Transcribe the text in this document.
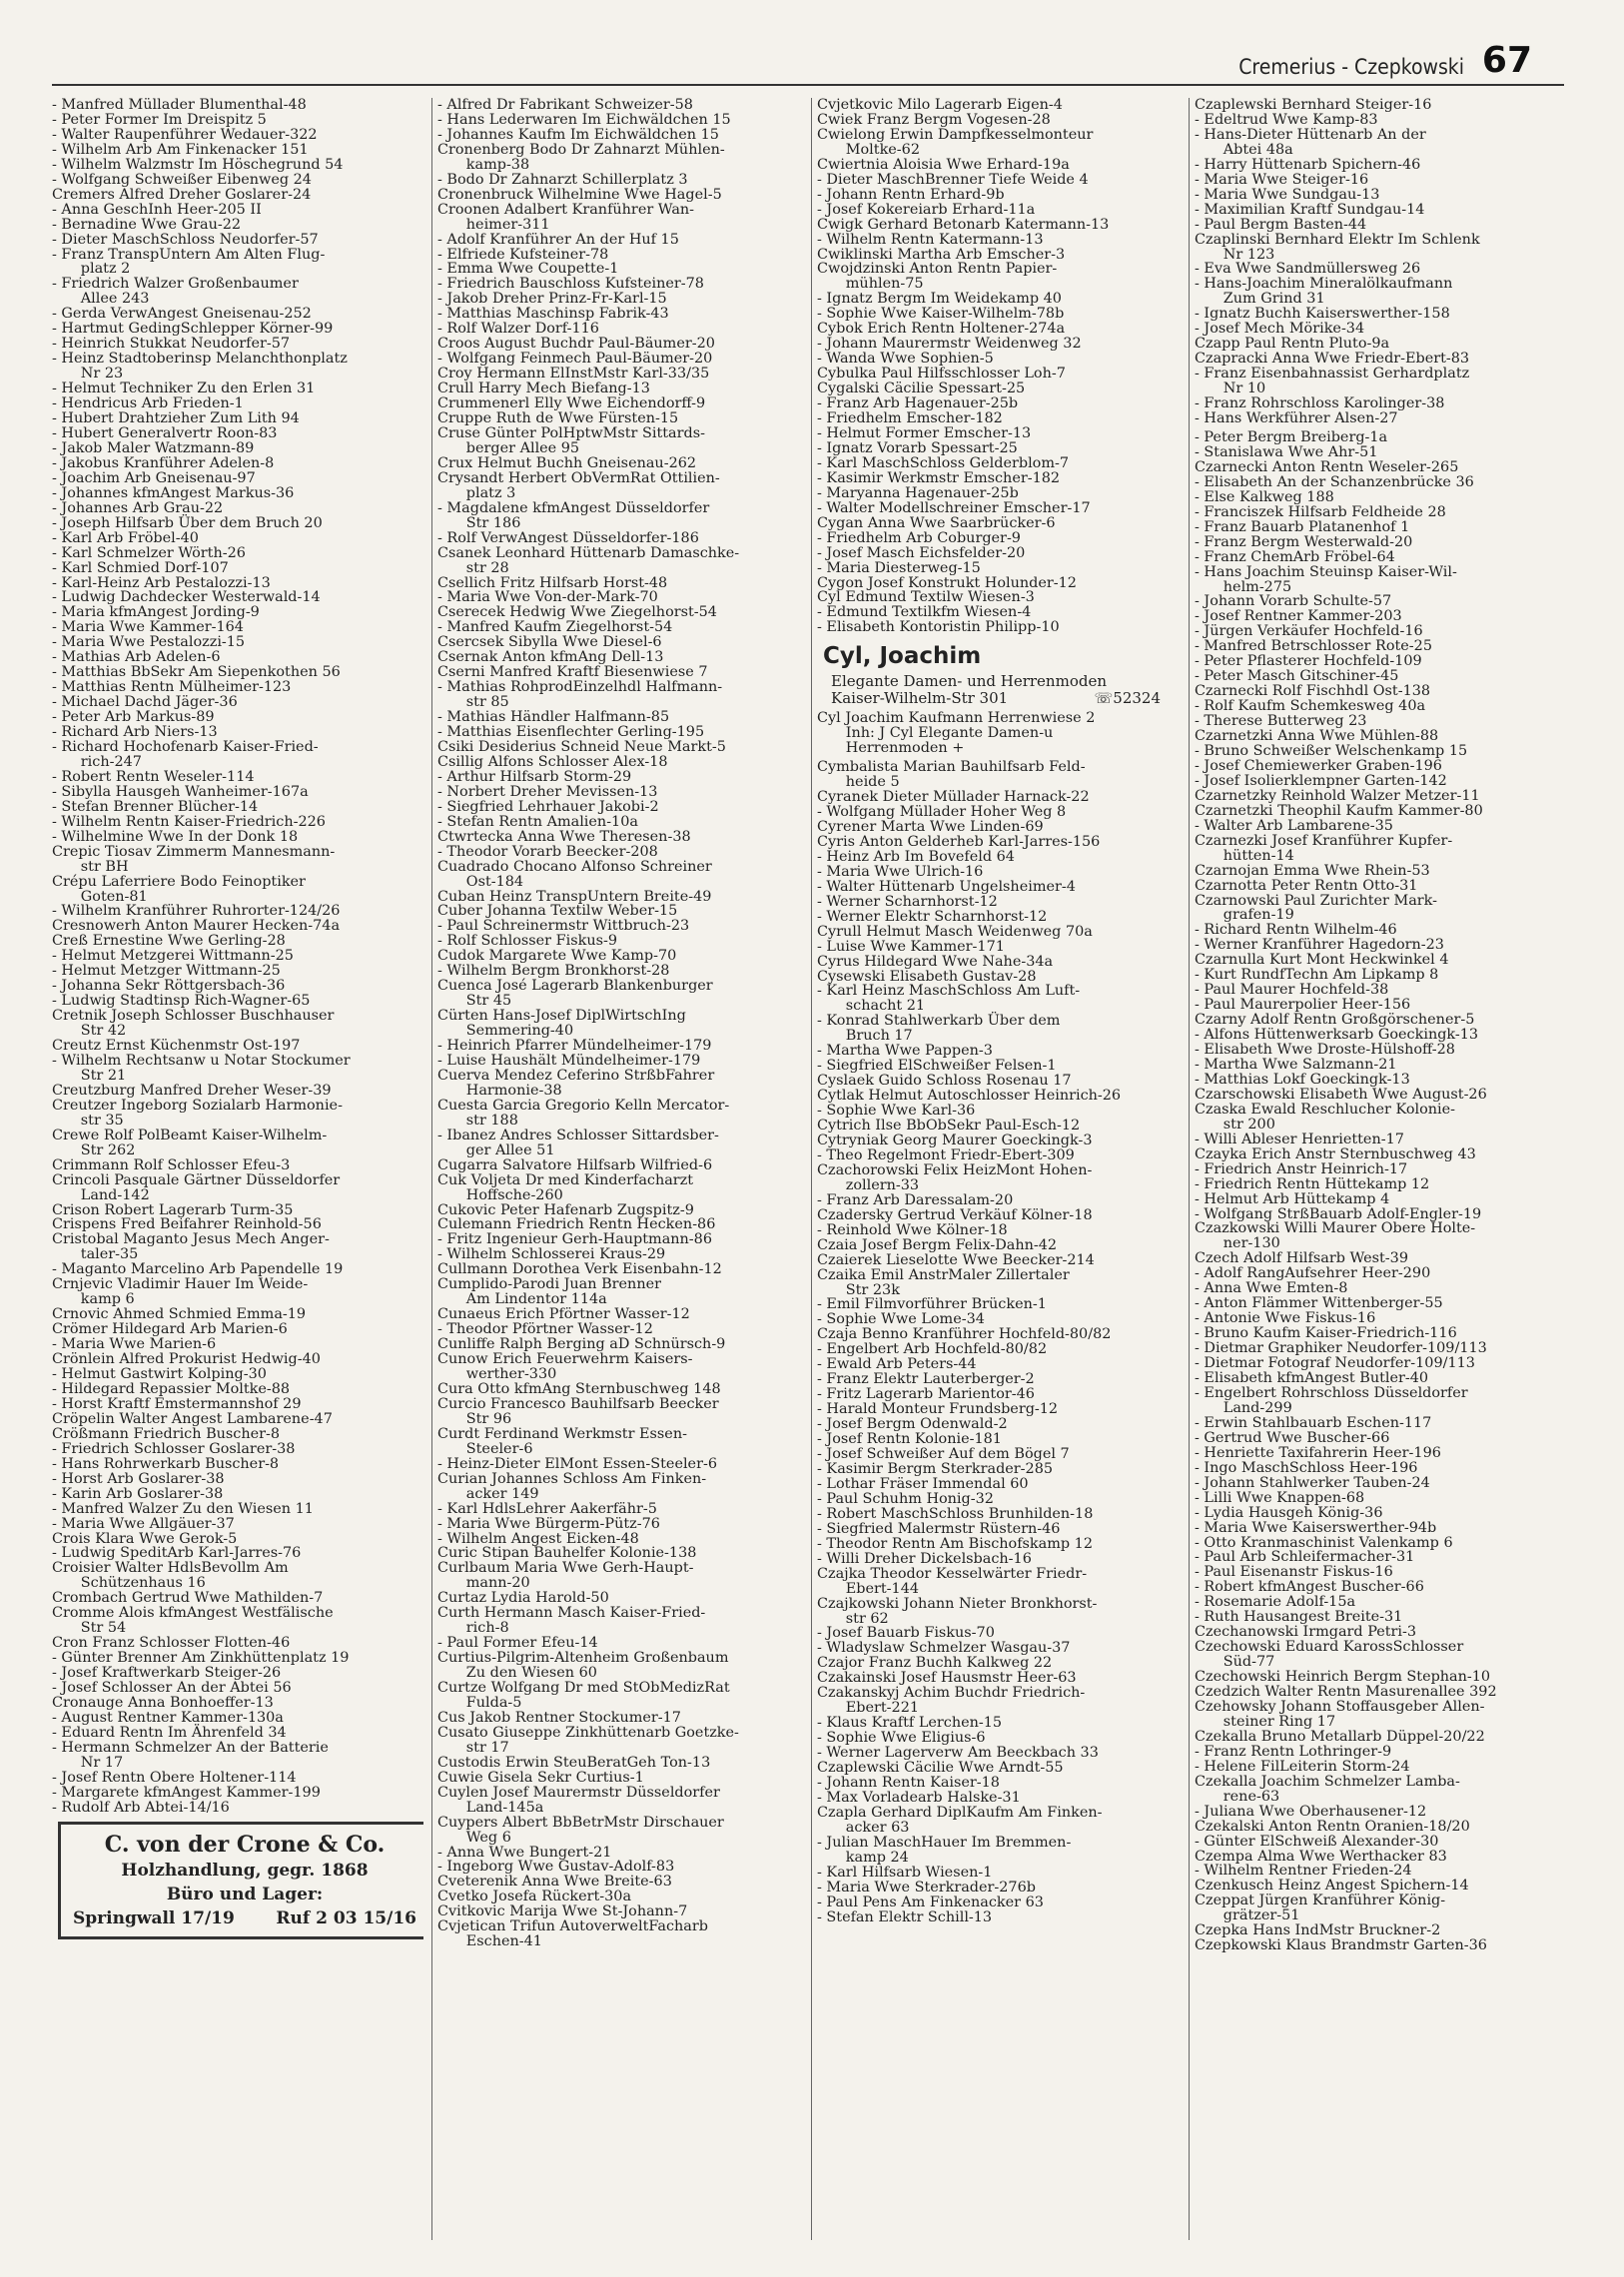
Cremerius - Czepkowski 67
- Manfred Müllader Blumenthal-48
- Peter Former Im Dreispitz 5
- Walter Raupenführer Wedauer-322
- Wilhelm Arb Am Finkenacker 151
- Wilhelm Walzmstr Im Höschegrund 54
- Wolfgang Schweißer Eibenweg 24
Cremers Alfred Dreher Goslarer-24
- Anna GeschInh Heer-205 II
- Bernadine Wwe Grau-22
- Dieter MaschSchloss Neudorfer-57
- Franz TranspUntern Am Alten Flug-
  platz 2
- Friedrich Walzer Großenbaumer
  Allee 243
- Gerda VerwAngest Gneisenau-252
- Hartmut GedingSchlepper Körner-99
- Heinrich Stukkat Neudorfer-57
- Heinz Stadtoberinsp Melanchthonplatz
  Nr 23
- Helmut Techniker Zu den Erlen 31
- Hendricus Arb Frieden-1
- Hubert Drahtzieher Zum Lith 94
- Hubert Generalvertr Roon-83
- Jakob Maler Watzmann-89
- Jakobus Kranführer Adelen-8
- Joachim Arb Gneisenau-97
- Johannes kfmAngest Markus-36
- Johannes Arb Grau-22
- Joseph Hilfsarb Über dem Bruch 20
- Karl Arb Fröbel-40
- Karl Schmelzer Wörth-26
- Karl Schmied Dorf-107
- Karl-Heinz Arb Pestalozzi-13
- Ludwig Dachdecker Westerwald-14
- Maria kfmAngest Jording-9
- Maria Wwe Kammer-164
- Maria Wwe Pestalozzi-15
- Mathias Arb Adelen-6
- Matthias BbSekr Am Siepenkothen 56
- Matthias Rentn Mülheimer-123
- Michael Dachd Jäger-36
- Peter Arb Markus-89
- Richard Arb Niers-13
- Richard Hochofenarb Kaiser-Fried-
  rich-247
- Robert Rentn Weseler-114
- Sibylla Hausgeh Wanheimer-167a
- Stefan Brenner Blücher-14
- Wilhelm Rentn Kaiser-Friedrich-226
- Wilhelmine Wwe In der Donk 18
Crepic Tiosav Zimmerm Mannesmann-
  str BH
Crépu Laferriere Bodo Feinoptiker
  Goten-81
- Wilhelm Kranführer Ruhrorter-124/26
Cresnowerh Anton Maurer Hecken-74a
Creß Ernestine Wwe Gerling-28
- Helmut Metzgerei Wittmann-25
- Helmut Metzger Wittmann-25
- Johanna Sekr Röttgersbach-36
- Ludwig Stadtinsp Rich-Wagner-65
Cretnik Joseph Schlosser Buschhauser
  Str 42
Creutz Ernst Küchenmstr Ost-197
- Wilhelm Rechtsanw u Notar Stockumer
  Str 21
Creutzburg Manfred Dreher Weser-39
Creutzer Ingeborg Sozialarb Harmonie-
  str 35
Crewe Rolf PolBeamt Kaiser-Wilhelm-
  Str 262
Crimmann Rolf Schlosser Efeu-3
Crincoli Pasquale Gärtner Düsseldorfer
  Land-142
Crison Robert Lagerarb Turm-35
Crispens Fred Beifahrer Reinhold-56
Cristobal Maganto Jesus Mech Anger-
  taler-35
- Maganto Marcelino Arb Papendelle 19
Crnjevic Vladimir Hauer Im Weide-
  kamp 6
Crnovic Ahmed Schmied Emma-19
Crömer Hildegard Arb Marien-6
- Maria Wwe Marien-6
Crönlein Alfred Prokurist Hedwig-40
- Helmut Gastwirt Kolping-30
- Hildegard Repassier Moltke-88
- Horst Kraftf Emstermannshof 29
Cröpelin Walter Angest Lambarene-47
Crößmann Friedrich Buscher-8
- Friedrich Schlosser Goslarer-38
- Hans Rohrwerkarb Buscher-8
- Horst Arb Goslarer-38
- Karin Arb Goslarer-38
- Manfred Walzer Zu den Wiesen 11
- Maria Wwe Allgäuer-37
Crois Klara Wwe Gerok-5
- Ludwig SpeditArb Karl-Jarres-76
Croisier Walter HdlsBevollm Am
  Schützenhaus 16
Crombach Gertrud Wwe Mathilden-7
Cromme Alois kfmAngest Westfälische
  Str 54
Cron Franz Schlosser Flotten-46
- Günter Brenner Am Zinkhüttenplatz 19
- Josef Kraftwerkarb Steiger-26
- Josef Schlosser An der Abtei 56
Cronauge Anna Bonhoeffer-13
- August Rentner Kammer-130a
- Eduard Rentn Im Ährenfeld 34
- Hermann Schmelzer An der Batterie
  Nr 17
- Josef Rentn Obere Holtener-114
- Margarete kfmAngest Kammer-199
- Rudolf Arb Abtei-14/16
C. von der Crone & Co.
Holzhandlung, gegr. 1868
Büro und Lager:
Springwall 17/19 Ruf 2 03 15/16
- Alfred Dr Fabrikant Schweizer-58
- Hans Lederwaren Im Eichwäldchen 15
- Johannes Kaufm Im Eichwäldchen 15
Cronenberg Bodo Dr Zahnarzt Mühlen-
  kamp-38
- Bodo Dr Zahnarzt Schillerplatz 3
Cronenbruck Wilhelmine Wwe Hagel-5
Croonen Adalbert Kranführer Wan-
  heimer-311
- Adolf Kranführer An der Huf 15
- Elfriede Kufsteiner-78
- Emma Wwe Coupette-1
- Friedrich Bauschloss Kufsteiner-78
- Jakob Dreher Prinz-Fr-Karl-15
- Matthias Maschinsp Fabrik-43
- Rolf Walzer Dorf-116
Croos August Buchdr Paul-Bäumer-20
- Wolfgang Feinmech Paul-Bäumer-20
Croy Hermann ElInstMstr Karl-33/35
Crull Harry Mech Biefang-13
Crummenerl Elly Wwe Eichendorff-9
Cruppe Ruth de Wwe Fürsten-15
Cruse Günter PolHptwMstr Sittards-
  berger Allee 95
Crux Helmut Buchh Gneisenau-262
Crysandt Herbert ObVermRat Ottilien-
  platz 3
- Magdalene kfmAngest Düsseldorfer
  Str 186
- Rolf VerwAngest Düsseldorfer-186
Csanek Leonhard Hüttenarb Damaschke-
  str 28
Csellich Fritz Hilfsarb Horst-48
- Maria Wwe Von-der-Mark-70
Cserecek Hedwig Wwe Ziegelhorst-54
- Manfred Kaufm Ziegelhorst-54
Csercsek Sibylla Wwe Diesel-6
Csernak Anton kfmAng Dell-13
Cserni Manfred Kraftf Biesenwiese 7
- Mathias RohprodEinzelhdl Halfmann-
  str 85
- Mathias Händler Halfmann-85
- Matthias Eisenflechter Gerling-195
Csiki Desiderius Schneid Neue Markt-5
Csillig Alfons Schlosser Alex-18
- Arthur Hilfsarb Storm-29
- Norbert Dreher Mevissen-13
- Siegfried Lehrhauer Jakobi-2
- Stefan Rentn Amalien-10a
Ctwrtecka Anna Wwe Theresen-38
- Theodor Vorarb Beecker-208
Cuadrado Chocano Alfonso Schreiner
  Ost-184
Cuban Heinz TranspUntern Breite-49
Cuber Johanna Textilw Weber-15
- Paul Schreinermstr Wittbruch-23
- Rolf Schlosser Fiskus-9
Cudok Margarete Wwe Kamp-70
- Wilhelm Bergm Bronkhorst-28
Cuenca José Lagerarb Blankenburger
  Str 45
Cürten Hans-Josef DiplWirtschIng
  Semmering-40
- Heinrich Pfarrer Mündelheimer-179
- Luise Haushält Mündelheimer-179
Cuerva Mendez Ceferino StrßbFahrer
  Harmonie-38
Cuesta Garcia Gregorio Kelln Mercator-
  str 188
- Ibanez Andres Schlosser Sittardsber-
  ger Allee 51
Cugarra Salvatore Hilfsarb Wilfried-6
Cuk Voljeta Dr med Kinderfacharzt
  Hoffsche-260
Cukovic Peter Hafenarb Zugspitz-9
Culemann Friedrich Rentn Hecken-86
- Fritz Ingenieur Gerh-Hauptmann-86
- Wilhelm Schlosserei Kraus-29
Cullmann Dorothea Verk Eisenbahn-12
Cumplido-Parodi Juan Brenner
  Am Lindentor 114a
Cunaeus Erich Pförtner Wasser-12
- Theodor Pförtner Wasser-12
Cunliffe Ralph Berging aD Schnürsch-9
Cunow Erich Feuerwehrm Kaisers-
  werther-330
Cura Otto kfmAng Sternbuschweg 148
Curcio Francesco Bauhilfsarb Beecker
  Str 96
Curdt Ferdinand Werkmstr Essen-
  Steeler-6
- Heinz-Dieter ElMont Essen-Steeler-6
Curian Johannes Schloss Am Finken-
  acker 149
- Karl HdlsLehrer Aakerfähr-5
- Maria Wwe Bürgerm-Pütz-76
- Wilhelm Angest Eicken-48
Curic Stipan Bauhelfer Kolonie-138
Curlbaum Maria Wwe Gerh-Haupt-
  mann-20
Curtaz Lydia Harold-50
Curth Hermann Masch Kaiser-Fried-
  rich-8
- Paul Former Efeu-14
Curtius-Pilgrim-Altenheim Großenbaum
  Zu den Wiesen 60
Curtze Wolfgang Dr med StObMedizRat
  Fulda-5
Cus Jakob Rentner Stockumer-17
Cusato Giuseppe Zinkhüttenarb Goetzke-
  str 17
Custodis Erwin SteuBeratGeh Ton-13
Cuwie Gisela Sekr Curtius-1
Cuylen Josef Maurermstr Düsseldorfer
  Land-145a
Cuypers Albert BbBetrMstr Dirschauer
  Weg 6
- Anna Wwe Bungert-21
- Ingeborg Wwe Gustav-Adolf-83
Cveterenik Anna Wwe Breite-63
Cvetko Josefa Rückert-30a
Cvitkovic Marija Wwe St-Johann-7
Cvjetican Trifun AutoverweltFacharb
  Eschen-41
Cvjetkovic Milo Lagerarb Eigen-4
Cwiek Franz Bergm Vogesen-28
Cwielong Erwin Dampfkesselmonteur
  Moltke-62
Cwiertnia Aloisia Wwe Erhard-19a
- Dieter MaschBrenner Tiefe Weide 4
- Johann Rentn Erhard-9b
- Josef Kokereiarb Erhard-11a
Cwigk Gerhard Betonarb Katermann-13
- Wilhelm Rentn Katermann-13
Cwiklinski Martha Arb Emscher-3
Cwojdzinski Anton Rentn Papier-
  mühlen-75
- Ignatz Bergm Im Weidekamp 40
- Sophie Wwe Kaiser-Wilhelm-78b
Cybok Erich Rentn Holtener-274a
- Johann Maurermstr Weidenweg 32
- Wanda Wwe Sophien-5
Cybulka Paul Hilfsschlosser Loh-7
Cygalski Cäcilie Spessart-25
- Franz Arb Hagenauer-25b
- Friedhelm Emscher-182
- Helmut Former Emscher-13
- Ignatz Vorarb Spessart-25
- Karl MaschSchloss Gelderblom-7
- Kasimir Werkmstr Emscher-182
- Maryanna Hagenauer-25b
- Walter Modellschreiner Emscher-17
Cygan Anna Wwe Saarbrücker-6
- Friedhelm Arb Coburger-9
- Josef Masch Eichsfelder-20
- Maria Diesterweg-15
Cygon Josef Konstrukt Holunder-12
Cyl Edmund Textilw Wiesen-3
- Edmund Textilkfm Wiesen-4
- Elisabeth Kontoristin Philipp-10
Cyl, Joachim
Elegante Damen- und Herrenmoden
Kaiser-Wilhelm-Str 301	☏52324
Cyl Joachim Kaufmann Herrenwiese 2
  Inh: J Cyl Elegante Damen-u
  Herrenmoden +
Cymbalista Marian Bauhilfsarb Feld-
  heide 5
Cyranek Dieter Müllader Harnack-22
- Wolfgang Müllader Hoher Weg 8
Cyrener Marta Wwe Linden-69
Cyris Anton Gelderheb Karl-Jarres-156
- Heinz Arb Im Bovefeld 64
- Maria Wwe Ulrich-16
- Walter Hüttenarb Ungelsheimer-4
- Werner Scharnhorst-12
- Werner Elektr Scharnhorst-12
Cyrull Helmut Masch Weidenweg 70a
- Luise Wwe Kammer-171
Cyrus Hildegard Wwe Nahe-34a
Cysewski Elisabeth Gustav-28
- Karl Heinz MaschSchloss Am Luft-
  schacht 21
- Konrad Stahlwerkarb Über dem
  Bruch 17
- Martha Wwe Pappen-3
- Siegfried ElSchweißer Felsen-1
Cyslaek Guido Schloss Rosenau 17
Cytlak Helmut Autoschlosser Heinrich-26
- Sophie Wwe Karl-36
Cytrich Ilse BbObSekr Paul-Esch-12
Cytryniak Georg Maurer Goeckingk-3
- Theo Regelmont Friedr-Ebert-309
Czachorowski Felix HeizMont Hohen-
  zollern-33
- Franz Arb Daressalam-20
Czadersky Gertrud Verkäuf Kölner-18
- Reinhold Wwe Kölner-18
Czaia Josef Bergm Felix-Dahn-42
Czaierek Lieselotte Wwe Beecker-214
Czaika Emil AnstrMaler Zillertaler
  Str 23k
- Emil Filmvorführer Brücken-1
- Sophie Wwe Lome-34
Czaja Benno Kranführer Hochfeld-80/82
- Engelbert Arb Hochfeld-80/82
- Ewald Arb Peters-44
- Franz Elektr Lauterberger-2
- Fritz Lagerarb Marientor-46
- Harald Monteur Frundsberg-12
- Josef Bergm Odenwald-2
- Josef Rentn Kolonie-181
- Josef Schweißer Auf dem Bögel 7
- Kasimir Bergm Sterkrader-285
- Lothar Fräser Immendal 60
- Paul Schuhm Honig-32
- Robert MaschSchloss Brunhilden-18
- Siegfried Malermstr Rüstern-46
- Theodor Rentn Am Bischofskamp 12
- Willi Dreher Dickelsbach-16
Czajka Theodor Kesselwärter Friedr-
  Ebert-144
Czajkowski Johann Nieter Bronkhorst-
  str 62
- Josef Bauarb Fiskus-70
- Wladyslaw Schmelzer Wasgau-37
Czajor Franz Buchh Kalkweg 22
Czakainski Josef Hausmstr Heer-63
Czakanskyj Achim Buchdr Friedrich-
  Ebert-221
- Klaus Kraftf Lerchen-15
- Sophie Wwe Eligius-6
- Werner Lagerverw Am Beeckbach 33
Czaplewski Cäcilie Wwe Arndt-55
- Johann Rentn Kaiser-18
- Max Vorladearb Halske-31
Czapla Gerhard DiplKaufm Am Finken-
  acker 63
- Julian MaschHauer Im Bremmen-
  kamp 24
- Karl Hilfsarb Wiesen-1
- Maria Wwe Sterkrader-276b
- Paul Pens Am Finkenacker 63
- Stefan Elektr Schill-13
Czaplewski Bernhard Steiger-16
- Edeltrud Wwe Kamp-83
- Hans-Dieter Hüttenarb An der
  Abtei 48a
- Harry Hüttenarb Spichern-46
- Maria Wwe Steiger-16
- Maria Wwe Sundgau-13
- Maximilian Kraftf Sundgau-14
- Paul Bergm Basten-44
Czaplinski Bernhard Elektr Im Schlenk
  Nr 123
- Eva Wwe Sandmüllersweg 26
- Hans-Joachim Mineralölkaufmann
  Zum Grind 31
- Ignatz Buchh Kaiserswerther-158
- Josef Mech Mörike-34
Czapp Paul Rentn Pluto-9a
Czapracki Anna Wwe Friedr-Ebert-83
- Franz Eisenbahnassist Gerhardplatz
  Nr 10
- Franz Rohrschloss Karolinger-38
- Hans Werkführer Alsen-27
- Peter Bergm Breiberg-1a
- Stanislawa Wwe Ahr-51
Czarnecki Anton Rentn Weseler-265
- Elisabeth An der Schanzenbrücke 36
- Else Kalkweg 188
- Franciszek Hilfsarb Feldheide 28
- Franz Bauarb Platanenhof 1
- Franz Bergm Westerwald-20
- Franz ChemArb Fröbel-64
- Hans Joachim Steuinsp Kaiser-Wil-
  helm-275
- Johann Vorarb Schulte-57
- Josef Rentner Kammer-203
- Jürgen Verkäufer Hochfeld-16
- Manfred Betrschlosser Rote-25
- Peter Pflasterer Hochfeld-109
- Peter Masch Gitschiner-45
Czarnecki Rolf Fischhdl Ost-138
- Rolf Kaufm Schemkesweg 40a
- Therese Butterweg 23
Czarnetzki Anna Wwe Mühlen-88
- Bruno Schweißer Welschenkamp 15
- Josef Chemiewerker Graben-196
- Josef Isolierklempner Garten-142
Czarnetzky Reinhold Walzer Metzer-11
Czarnetzki Theophil Kaufm Kammer-80
- Walter Arb Lambarene-35
Czarnezki Josef Kranführer Kupfer-
  hütten-14
Czarnojan Emma Wwe Rhein-53
Czarnotta Peter Rentn Otto-31
Czarnowski Paul Zurichter Mark-
  grafen-19
- Richard Rentn Wilhelm-46
- Werner Kranführer Hagedorn-23
Czarnulla Kurt Mont Heckwinkel 4
- Kurt RundfTechn Am Lipkamp 8
- Paul Maurer Hochfeld-38
- Paul Maurerpolier Heer-156
Czarny Adolf Rentn Großgörschener-5
- Alfons Hüttenwerksarb Goeckingk-13
- Elisabeth Wwe Droste-Hülshoff-28
- Martha Wwe Salzmann-21
- Matthias Lokf Goeckingk-13
Czarschowski Elisabeth Wwe August-26
Czaska Ewald Reschlucher Kolonie-
  str 200
- Willi Ableser Henrietten-17
Czayka Erich Anstr Sternbuschweg 43
- Friedrich Anstr Heinrich-17
- Friedrich Rentn Hüttekamp 12
- Helmut Arb Hüttekamp 4
- Wolfgang StrßBauarb Adolf-Engler-19
Czazkowski Willi Maurer Obere Holte-
  ner-130
Czech Adolf Hilfsarb West-39
- Adolf RangAufsehrer Heer-290
- Anna Wwe Emten-8
- Anton Flämmer Wittenberger-55
- Antonie Wwe Fiskus-16
- Bruno Kaufm Kaiser-Friedrich-116
- Dietmar Graphiker Neudorfer-109/113
- Dietmar Fotograf Neudorfer-109/113
- Elisabeth kfmAngest Butler-40
- Engelbert Rohrschloss Düsseldorfer
  Land-299
- Erwin Stahlbauarb Eschen-117
- Gertrud Wwe Buscher-66
- Henriette Taxifahrerin Heer-196
- Ingo MaschSchloss Heer-196
- Johann Stahlwerker Tauben-24
- Lilli Wwe Knappen-68
- Lydia Hausgeh König-36
- Maria Wwe Kaiserswerther-94b
- Otto Kranmaschinist Valenkamp 6
- Paul Arb Schleifermacher-31
- Paul Eisenanstr Fiskus-16
- Robert kfmAngest Buscher-66
- Rosemarie Adolf-15a
- Ruth Hausangest Breite-31
Czechanowski Irmgard Petri-3
Czechowski Eduard KarossSchlosser
  Süd-77
Czechowski Heinrich Bergm Stephan-10
Czedzich Walter Rentn Masurenallee 392
Czehowsky Johann Stoffausgeber Allen-
  steiner Ring 17
Czekalla Bruno Metallarb Düppel-20/22
- Franz Rentn Lothringer-9
- Helene FilLeiterin Storm-24
Czekalla Joachim Schmelzer Lamba-
  rene-63
- Juliana Wwe Oberhausener-12
Czekalski Anton Rentn Oranien-18/20
- Günter ElSchweiß Alexander-30
Czempa Alma Wwe Werthacker 83
- Wilhelm Rentner Frieden-24
Czenkusch Heinz Angest Spichern-14
Czeppat Jürgen Kranführer König-
  grätzer-51
Czepka Hans IndMstr Bruckner-2
Czepkowski Klaus Brandmstr Garten-36
